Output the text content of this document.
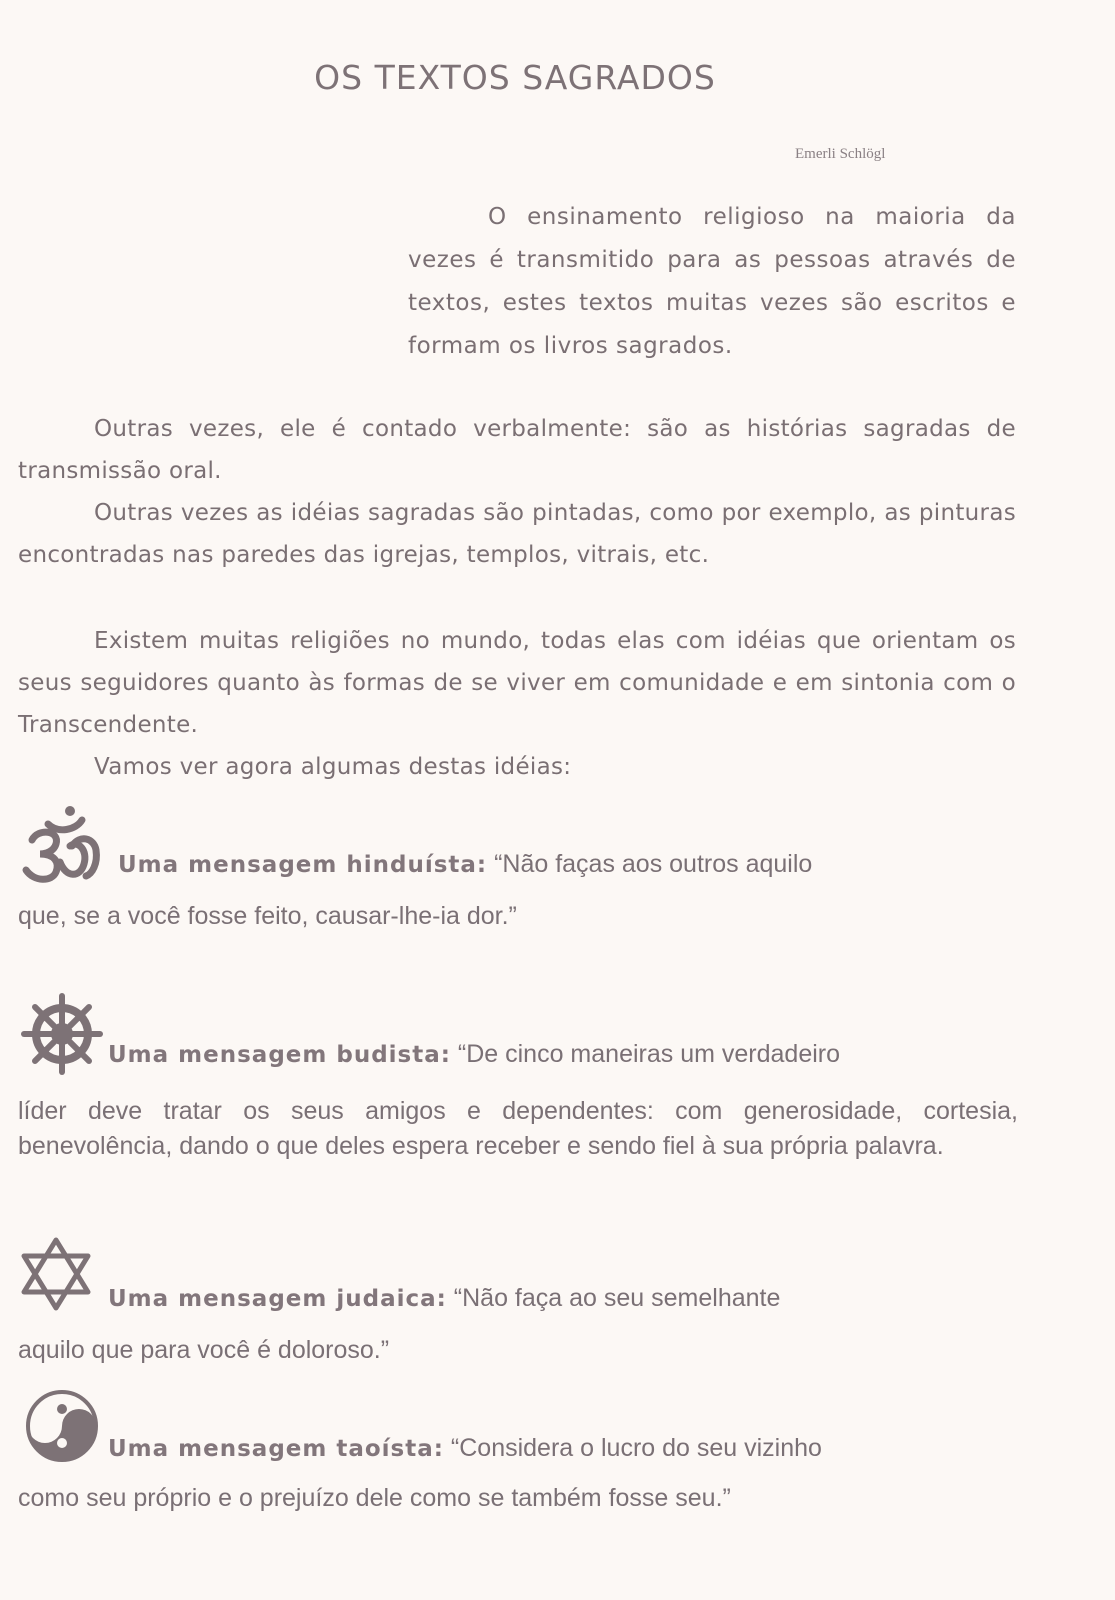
OS TEXTOS SAGRADOS
Emerli Schlögl

O ensinamento religioso na maioria da vezes é transmitido para as pessoas através de textos, estes textos muitas vezes são escritos e formam os livros sagrados.

Outras vezes, ele é contado verbalmente: são as histórias sagradas de transmissão oral.

Outras vezes as idéias sagradas são pintadas, como por exemplo, as pinturas encontradas nas paredes das igrejas, templos, vitrais, etc.

Existem muitas religiões no mundo, todas elas com idéias que orientam os seus seguidores quanto às formas de se viver em comunidade e em sintonia com o Transcendente.

Vamos ver agora algumas destas idéias:

Uma mensagem hinduísta: “Não faças aos outros aquilo

que, se a você fosse feito, causar-lhe-ia dor.”

Uma mensagem budista: “De cinco maneiras um verdadeiro

líder deve tratar os seus amigos e dependentes: com generosidade, cortesia, benevolência, dando o que deles espera receber e sendo fiel à sua própria palavra.

Uma mensagem judaica: “Não faça ao seu semelhante

aquilo que para você é doloroso.”

Uma mensagem taoísta: “Considera o lucro do seu vizinho

como seu próprio e o prejuízo dele como se também fosse seu.”
